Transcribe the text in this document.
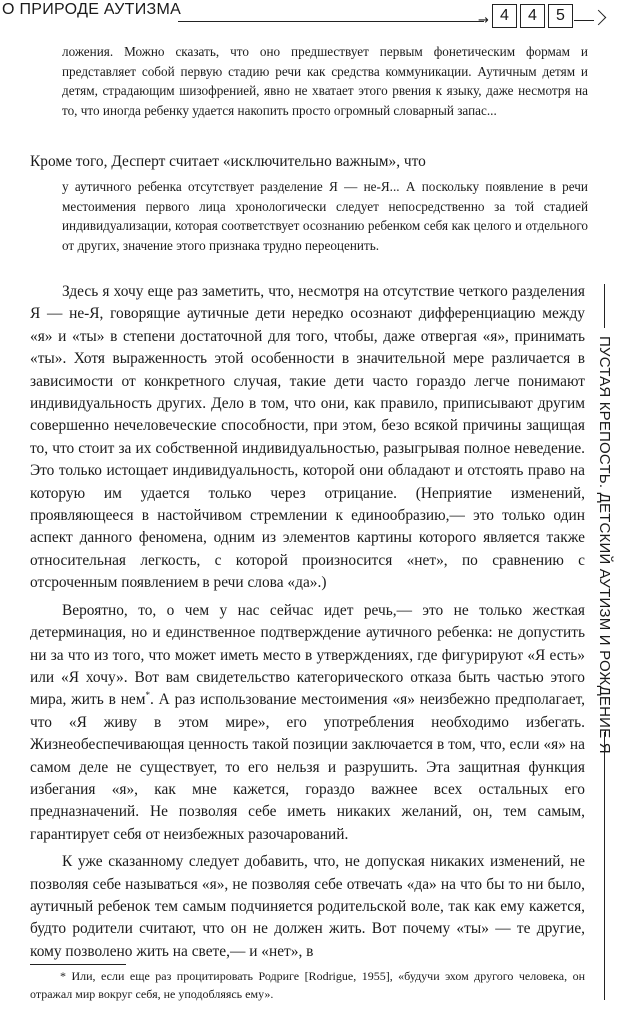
О ПРИРОДЕ АУТИЗМА
→ 4	4	5
ПУСТАЯ КРЕПОСТЬ. ДЕТСКИЙ АУТИЗМ И РОЖДЕНИЕ Я

ложения. Можно сказать, что оно предшествует первым фонетическим формам и представляет собой первую стадию речи как средства коммуникации. Аутичным детям и детям, страдающим шизофренией, явно не хватает этого рвения к языку, даже несмотря на то, что иногда ребенку удается накопить просто огромный словарный запас...

Кроме того, Десперт считает «исключительно важным», что

у аутичного ребенка отсутствует разделение Я — не-Я... А поскольку появление в речи местоимения первого лица хронологически следует непосредственно за той стадией индивидуализации, которая соответствует осознанию ребенком себя как целого и отдельного от других, значение этого признака трудно переоценить.

Здесь я хочу еще раз заметить, что, несмотря на отсутствие четкого разделения Я — не-Я, говорящие аутичные дети нередко осознают дифференциацию между «я» и «ты» в степени достаточной для того, чтобы, даже отвергая «я», принимать «ты». Хотя выраженность этой особенности в значительной мере различается в зависимости от конкретного случая, такие дети часто гораздо легче понимают индивидуальность других. Дело в том, что они, как правило, приписывают другим совершенно нечеловеческие способности, при этом, безо всякой причины защищая то, что стоит за их собственной индивидуальностью, разыгрывая полное неведение. Это только истощает индивидуальность, которой они обладают и отстоять право на которую им удается только через отрицание. (Неприятие изменений, проявляющееся в настойчивом стремлении к единообразию,— это только один аспект данного феномена, одним из элементов картины которого является также относительная легкость, с которой произносится «нет», по сравнению с отсроченным появлением в речи слова «да».)

Вероятно, то, о чем у нас сейчас идет речь,— это не только жесткая детерминация, но и единственное подтверждение аутичного ребенка: не допустить ни за что из того, что может иметь место в утверждениях, где фигурируют «Я есть» или «Я хочу». Вот вам свидетельство категорического отказа быть частью этого мира, жить в нем*. А раз использование местоимения «я» неизбежно предполагает, что «Я живу в этом мире», его употребления необходимо избегать. Жизнеобеспечивающая ценность такой позиции заключается в том, что, если «я» на самом деле не существует, то его нельзя и разрушить. Эта защитная функция избегания «я», как мне кажется, гораздо важнее всех остальных его предназначений. Не позволяя себе иметь никаких желаний, он, тем самым, гарантирует себя от неизбежных разочарований.

К уже сказанному следует добавить, что, не допуская никаких изменений, не позволяя себе называться «я», не позволяя себе отвечать «да» на что бы то ни было, аутичный ребенок тем самым подчиняется родительской воле, так как ему кажется, будто родители считают, что он не должен жить. Вот почему «ты» — те другие, кому позволено жить на свете,— и «нет», в

* Или, если еще раз процитировать Родриге [Rodrigue, 1955], «будучи эхом другого человека, он отражал мир вокруг себя, не уподобляясь ему».
